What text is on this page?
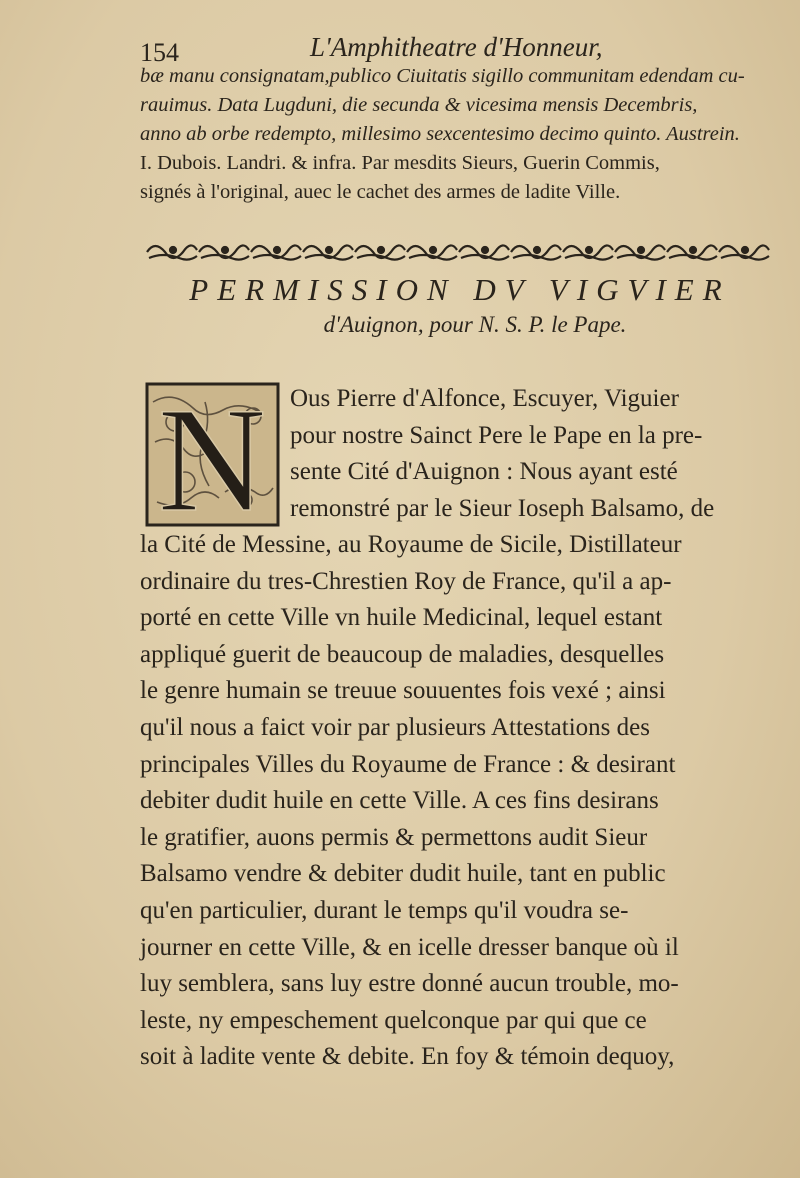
154	L'Amphitheatre d'Honneur,
bæ manu consignatam,publico Ciuitatis sigillo communitam edendam cu-
rauimus. Data Lugduni, die secunda & vicesima mensis Decembris,
anno ab orbe redempto, millesimo sexcentesimo decimo quinto. Austrein.
I. Dubois. Landri. & infra. Par mesdits Sieurs, Guerin Commis,
signés à l'original, auec le cachet des armes de ladite Ville.
PERMISSION DV VIGVIER
d'Auignon, pour N. S. P. le Pape.
N Ous Pierre d'Alfonce, Escuyer, Viguier
pour nostre Sainct Pere le Pape en la pre-
sente Cité d'Auignon : Nous ayant esté
remonstré par le Sieur Ioseph Balsamo, de
la Cité de Messine, au Royaume de Sicile, Distillateur
ordinaire du tres-Chrestien Roy de France, qu'il a ap-
porté en cette Ville vn huile Medicinal, lequel estant
appliqué guerit de beaucoup de maladies, desquelles
le genre humain se treuue souuentes fois vexé ; ainsi
qu'il nous a faict voir par plusieurs Attestations des
principales Villes du Royaume de France : & desirant
debiter dudit huile en cette Ville. A ces fins desirans
le gratifier, auons permis & permettons audit Sieur
Balsamo vendre & debiter dudit huile, tant en public
qu'en particulier, durant le temps qu'il voudra se-
journer en cette Ville, & en icelle dresser banque où il
luy semblera, sans luy estre donné aucun trouble, mo-
leste, ny empeschement quelconque par qui que ce
soit à ladite vente & debite. En foy & témoin dequoy,
